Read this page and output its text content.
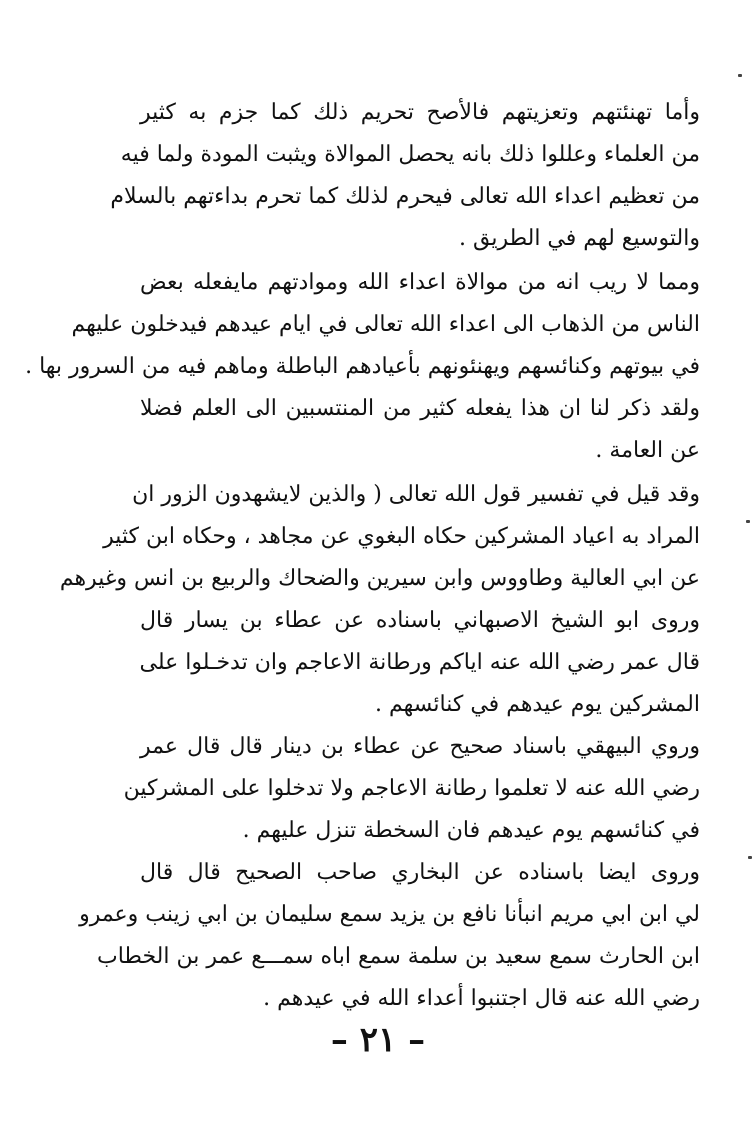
وأما تهنئتهم وتعزيتهم فالأصح تحريم ذلك كما جزم به كثير
من العلماء وعللوا ذلك بانه يحصل الموالاة ويثبت المودة ولما فيه
من تعظيم اعداء الله تعالى فيحرم لذلك كما تحرم بداءتهم بالسلام
والتوسيع لهم في الطريق .
ومما لا ريب انه من موالاة اعداء الله وموادتهم مايفعله بعض
الناس من الذهاب الى اعداء الله تعالى في ايام عيدهم فيدخلون عليهم
في بيوتهم وكنائسهم ويهنئونهم بأعيادهم الباطلة وماهم فيه من السرور بها .
ولقد ذكر لنا ان هذا يفعله كثير من المنتسبين الى العلم فضلا
عن العامة .
وقد قيل في تفسير قول الله تعالى ( والذين لايشهدون الزور ان
المراد به اعياد المشركين حكاه البغوي عن مجاهد ، وحكاه ابن كثير
عن ابي العالية وطاووس وابن سيرين والضحاك والربيع بن انس وغيرهم
وروى ابو الشيخ الاصبهاني باسناده عن عطاء بن يسار قال
قال عمر رضي الله عنه اياكم ورطانة الاعاجم وان تدخـلوا على
المشركين يوم عيدهم في كنائسهم .
وروي البيهقي باسناد صحيح عن عطاء بن دينار قال قال عمر
رضي الله عنه لا تعلموا رطانة الاعاجم ولا تدخلوا على المشركين
في كنائسهم يوم عيدهم فان السخطة تنزل عليهم .
وروى ايضا باسناده عن البخاري صاحب الصحيح قال قال
لي ابن ابي مريم انبأنا نافع بن يزيد سمع سليمان بن ابي زينب وعمرو
ابن الحارث سمع سعيد بن سلمة سمع اباه سمـــع عمر بن الخطاب
رضي الله عنه قال اجتنبوا أعداء الله في عيدهم .
– ٢١ –
